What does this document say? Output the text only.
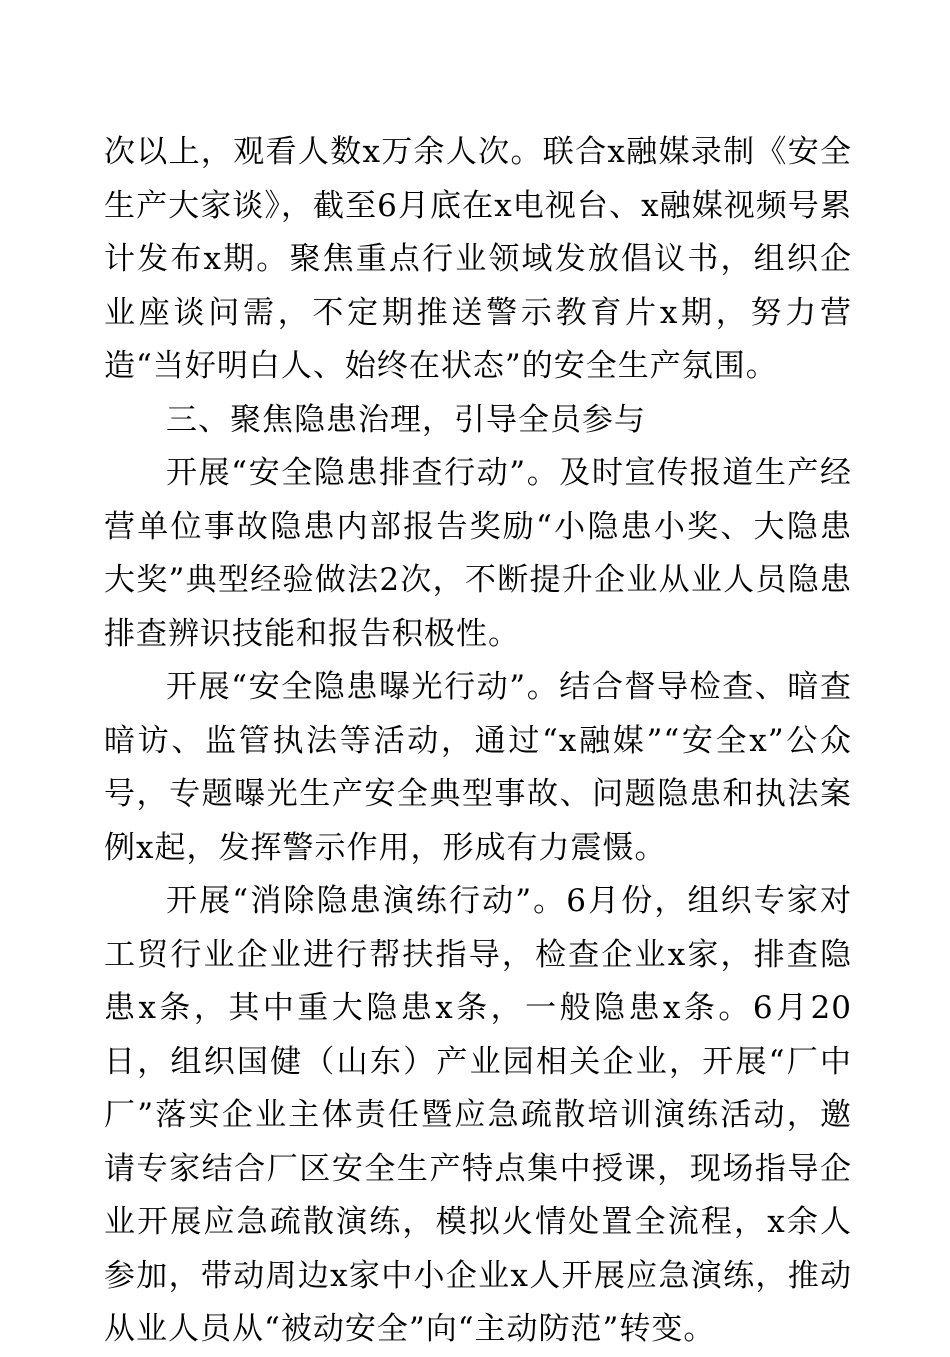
次以上，观看人数x万余人次。联合x融媒录制《安全生产大家谈》，截至6月底在x电视台、x融媒视频号累计发布x期。聚焦重点行业领域发放倡议书，组织企业座谈问需，不定期推送警示教育片x期，努力营造“当好明白人、始终在状态”的安全生产氛围。

三、聚焦隐患治理，引导全员参与

开展“安全隐患排查行动”。及时宣传报道生产经营单位事故隐患内部报告奖励“小隐患小奖、大隐患大奖”典型经验做法2次，不断提升企业从业人员隐患排查辨识技能和报告积极性。

开展“安全隐患曝光行动”。结合督导检查、暗查暗访、监管执法等活动，通过“x融媒”“安全x”公众号，专题曝光生产安全典型事故、问题隐患和执法案例x起，发挥警示作用，形成有力震慑。

开展“消除隐患演练行动”。6月份，组织专家对工贸行业企业进行帮扶指导，检查企业x家，排查隐患x条，其中重大隐患x条，一般隐患x条。6月20日，组织国健（山东）产业园相关企业，开展“厂中厂”落实企业主体责任暨应急疏散培训演练活动，邀请专家结合厂区安全生产特点集中授课，现场指导企业开展应急疏散演练，模拟火情处置全流程，x余人参加，带动周边x家中小企业x人开展应急演练，推动从业人员从“被动安全”向“主动防范”转变。
